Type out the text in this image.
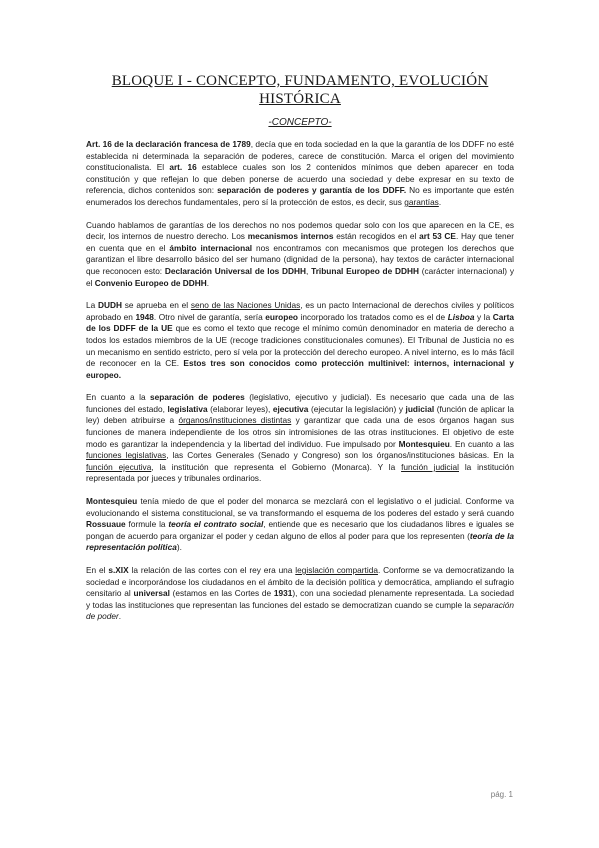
BLOQUE I - CONCEPTO, FUNDAMENTO, EVOLUCIÓN HISTÓRICA
-CONCEPTO-

Art. 16 de la declaración francesa de 1789, decía que en toda sociedad en la que la garantía de los DDFF no esté establecida ni determinada la separación de poderes, carece de constitución. Marca el origen del movimiento constitucionalista. El art. 16 establece cuales son los 2 contenidos mínimos que deben aparecer en toda constitución y que reflejan lo que deben ponerse de acuerdo una sociedad y debe expresar en su texto de referencia, dichos contenidos son: separación de poderes y garantía de los DDFF. No es importante que estén enumerados los derechos fundamentales, pero sí la protección de estos, es decir, sus garantías.

Cuando hablamos de garantías de los derechos no nos podemos quedar solo con los que aparecen en la CE, es decir, los internos de nuestro derecho. Los mecanismos internos están recogidos en el art 53 CE. Hay que tener en cuenta que en el ámbito internacional nos encontramos con mecanismos que protegen los derechos que garantizan el libre desarrollo básico del ser humano (dignidad de la persona), hay textos de carácter internacional que reconocen esto: Declaración Universal de los DDHH, Tribunal Europeo de DDHH (carácter internacional) y el Convenio Europeo de DDHH.

La DUDH se aprueba en el seno de las Naciones Unidas, es un pacto Internacional de derechos civiles y políticos aprobado en 1948. Otro nivel de garantía, sería europeo incorporado los tratados como es el de Lisboa y la Carta de los DDFF de la UE que es como el texto que recoge el mínimo común denominador en materia de derecho a todos los estados miembros de la UE (recoge tradiciones constitucionales comunes). El Tribunal de Justicia no es un mecanismo en sentido estricto, pero sí vela por la protección del derecho europeo. A nivel interno, es lo más fácil de reconocer en la CE. Estos tres son conocidos como protección multinivel: internos, internacional y europeo.

En cuanto a la separación de poderes (legislativo, ejecutivo y judicial). Es necesario que cada una de las funciones del estado, legislativa (elaborar leyes), ejecutiva (ejecutar la legislación) y judicial (función de aplicar la ley) deben atribuirse a órganos/instituciones distintas y garantizar que cada una de esos órganos hagan sus funciones de manera independiente de los otros sin intromisiones de las otras instituciones. El objetivo de este modo es garantizar la independencia y la libertad del individuo. Fue impulsado por Montesquieu. En cuanto a las funciones legislativas, las Cortes Generales (Senado y Congreso) son los órganos/instituciones básicas. En la función ejecutiva, la institución que representa el Gobierno (Monarca). Y la función judicial la institución representada por jueces y tribunales ordinarios.

Montesquieu tenía miedo de que el poder del monarca se mezclará con el legislativo o el judicial. Conforme va evolucionando el sistema constitucional, se va transformando el esquema de los poderes del estado y será cuando Rossuaue formule la teoría el contrato social, entiende que es necesario que los ciudadanos libres e iguales se pongan de acuerdo para organizar el poder y cedan alguno de ellos al poder para que los representen (teoría de la representación política).

En el s.XIX la relación de las cortes con el rey era una legislación compartida. Conforme se va democratizando la sociedad e incorporándose los ciudadanos en el ámbito de la decisión política y democrática, ampliando el sufragio censitario al universal (estamos en las Cortes de 1931), con una sociedad plenamente representada. La sociedad y todas las instituciones que representan las funciones del estado se democratizan cuando se cumple la separación de poder.

pág. 1
